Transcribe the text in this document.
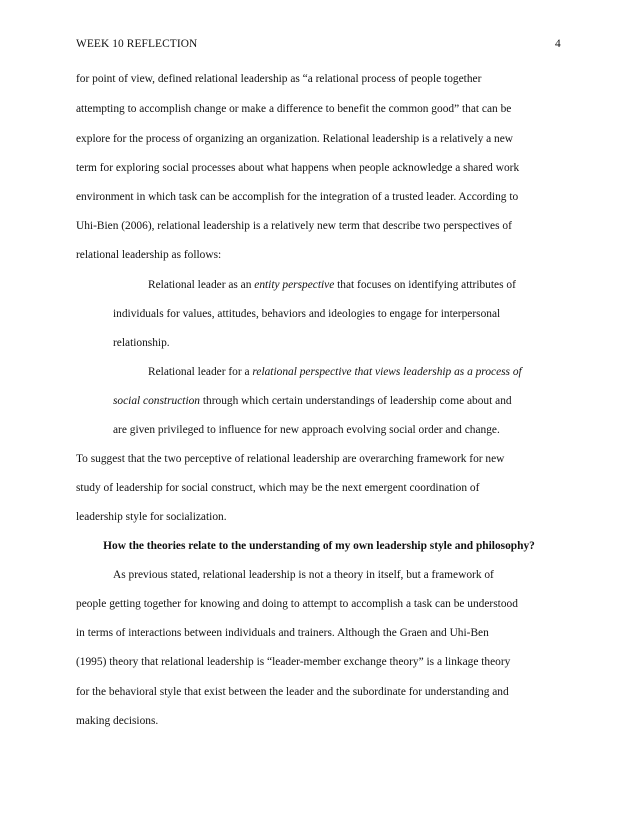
WEEK 10 REFLECTION	4
for point of view, defined relational leadership as “a relational process of people together
attempting to accomplish change or make a difference to benefit the common good” that can be
explore for the process of organizing an organization. Relational leadership is a relatively a new
term for exploring social processes about what happens when people acknowledge a shared work
environment in which task can be accomplish for the integration of a trusted leader. According to
Uhi-Bien (2006), relational leadership is a relatively new term that describe two perspectives of
relational leadership as follows:
Relational leader as an entity perspective that focuses on identifying attributes of
individuals for values, attitudes, behaviors and ideologies to engage for interpersonal
relationship.
Relational leader for a relational perspective that views leadership as a process of
social construction through which certain understandings of leadership come about and
are given privileged to influence for new approach evolving social order and change.
To suggest that the two perceptive of relational leadership are overarching framework for new
study of leadership for social construct, which may be the next emergent coordination of
leadership style for socialization.
How the theories relate to the understanding of my own leadership style and philosophy?
As previous stated, relational leadership is not a theory in itself, but a framework of
people getting together for knowing and doing to attempt to accomplish a task can be understood
in terms of interactions between individuals and trainers. Although the Graen and Uhi-Ben
(1995) theory that relational leadership is “leader-member exchange theory” is a linkage theory
for the behavioral style that exist between the leader and the subordinate for understanding and
making decisions.
